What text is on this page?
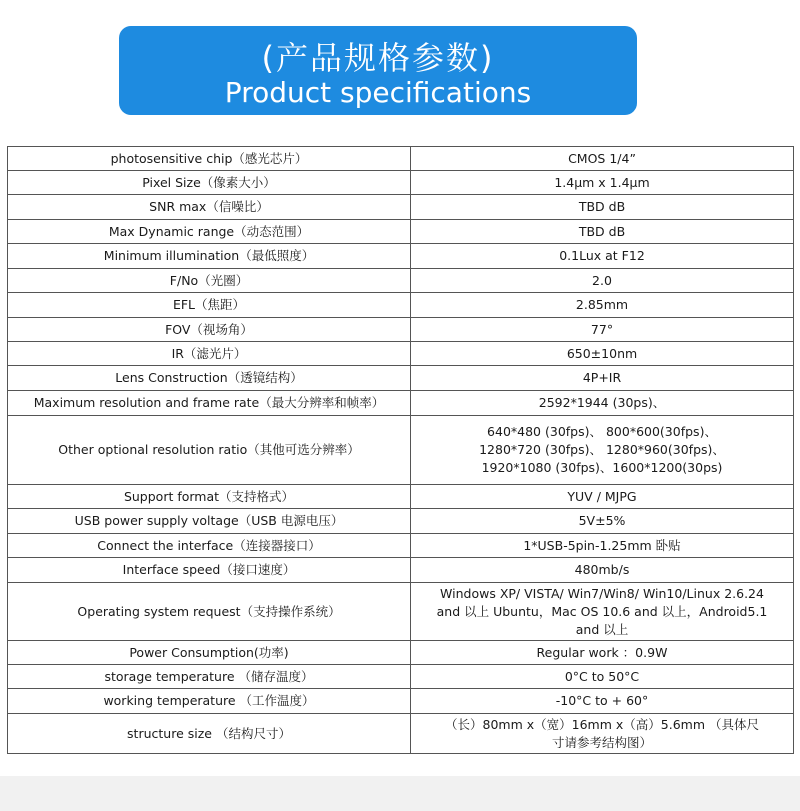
(产品规格参数)
Product specifications
photosensitive chip（感光芯片）	CMOS 1/4”
Pixel Size（像素大小）	1.4μm x 1.4μm
SNR max（信噪比）	TBD dB
Max Dynamic range（动态范围）	TBD dB
Minimum illumination（最低照度）	0.1Lux at F12
F/No（光圈）	2.0
EFL（焦距）	2.85mm
FOV（视场角）	77°
IR（滤光片）	650±10nm
Lens Construction（透镜结构）	4P+IR
Maximum resolution and frame rate（最大分辨率和帧率）	2592*1944 (30ps)、
Other optional resolution ratio（其他可选分辨率）	640*480 (30fps)、 800*600(30fps)、
1280*720 (30fps)、 1280*960(30fps)、
1920*1080 (30fps)、1600*1200(30ps)
Support format（支持格式）	YUV / MJPG
USB power supply voltage（USB 电源电压）	5V±5%
Connect the interface（连接器接口）	1*USB-5pin-1.25mm 卧贴
Interface speed（接口速度）	480mb/s
Operating system request（支持操作系统）	Windows XP/ VISTA/ Win7/Win8/ Win10/Linux 2.6.24
and 以上 Ubuntu，Mac OS 10.6 and 以上，Android5.1
and 以上
Power Consumption(功率)	Regular work ：0.9W
storage temperature （储存温度）	0°C to 50°C
working temperature （工作温度）	-10°C to + 60°
structure size （结构尺寸）	（长）80mm x（宽）16mm x（高）5.6mm （具体尺
寸请参考结构图）
